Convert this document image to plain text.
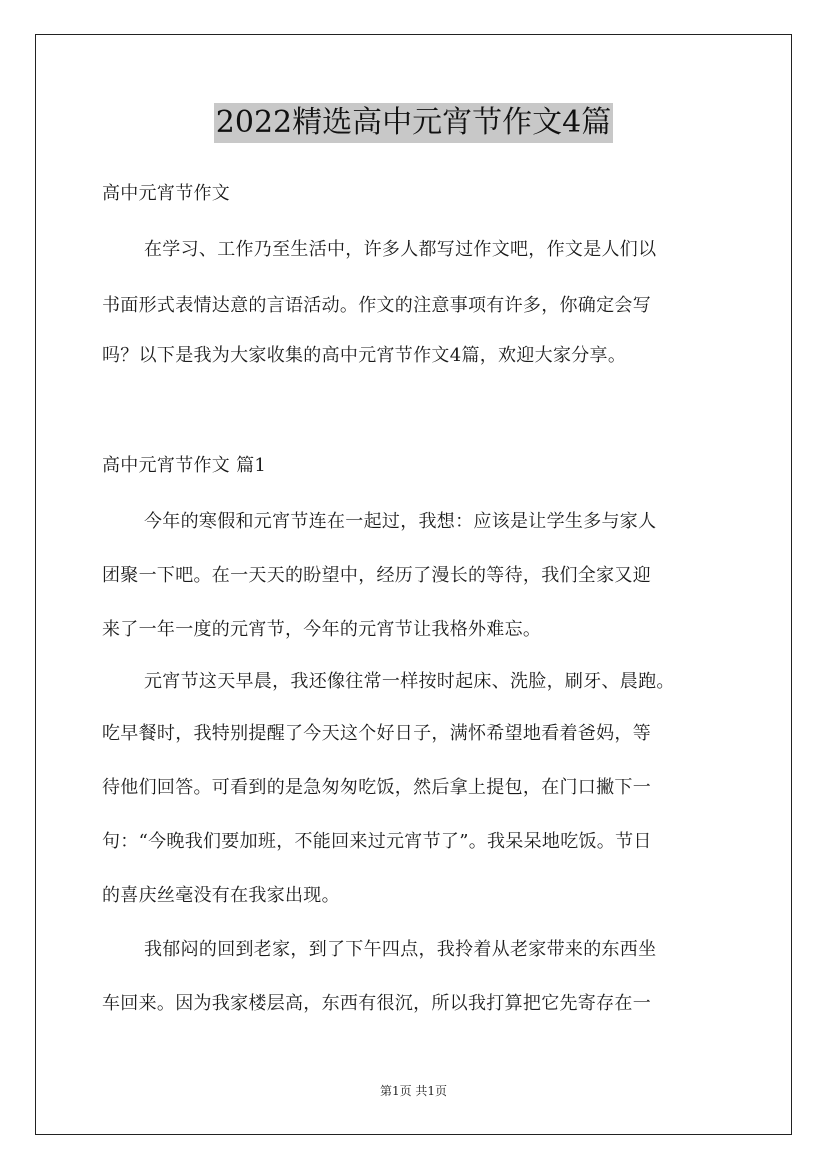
2022精选高中元宵节作文4篇
高中元宵节作文
在学习、工作乃至生活中，许多人都写过作文吧，作文是人们以
书面形式表情达意的言语活动。作文的注意事项有许多，你确定会写
吗？以下是我为大家收集的高中元宵节作文4篇，欢迎大家分享。
高中元宵节作文 篇1
今年的寒假和元宵节连在一起过，我想：应该是让学生多与家人
团聚一下吧。在一天天的盼望中，经历了漫长的等待，我们全家又迎
来了一年一度的元宵节，今年的元宵节让我格外难忘。
元宵节这天早晨，我还像往常一样按时起床、洗脸，刷牙、晨跑。
吃早餐时，我特别提醒了今天这个好日子，满怀希望地看着爸妈，等
待他们回答。可看到的是急匆匆吃饭，然后拿上提包，在门口撇下一
句：“今晚我们要加班，不能回来过元宵节了”。我呆呆地吃饭。节日
的喜庆丝毫没有在我家出现。
我郁闷的回到老家，到了下午四点，我拎着从老家带来的东西坐
车回来。因为我家楼层高，东西有很沉，所以我打算把它先寄存在一
第1页 共1页
